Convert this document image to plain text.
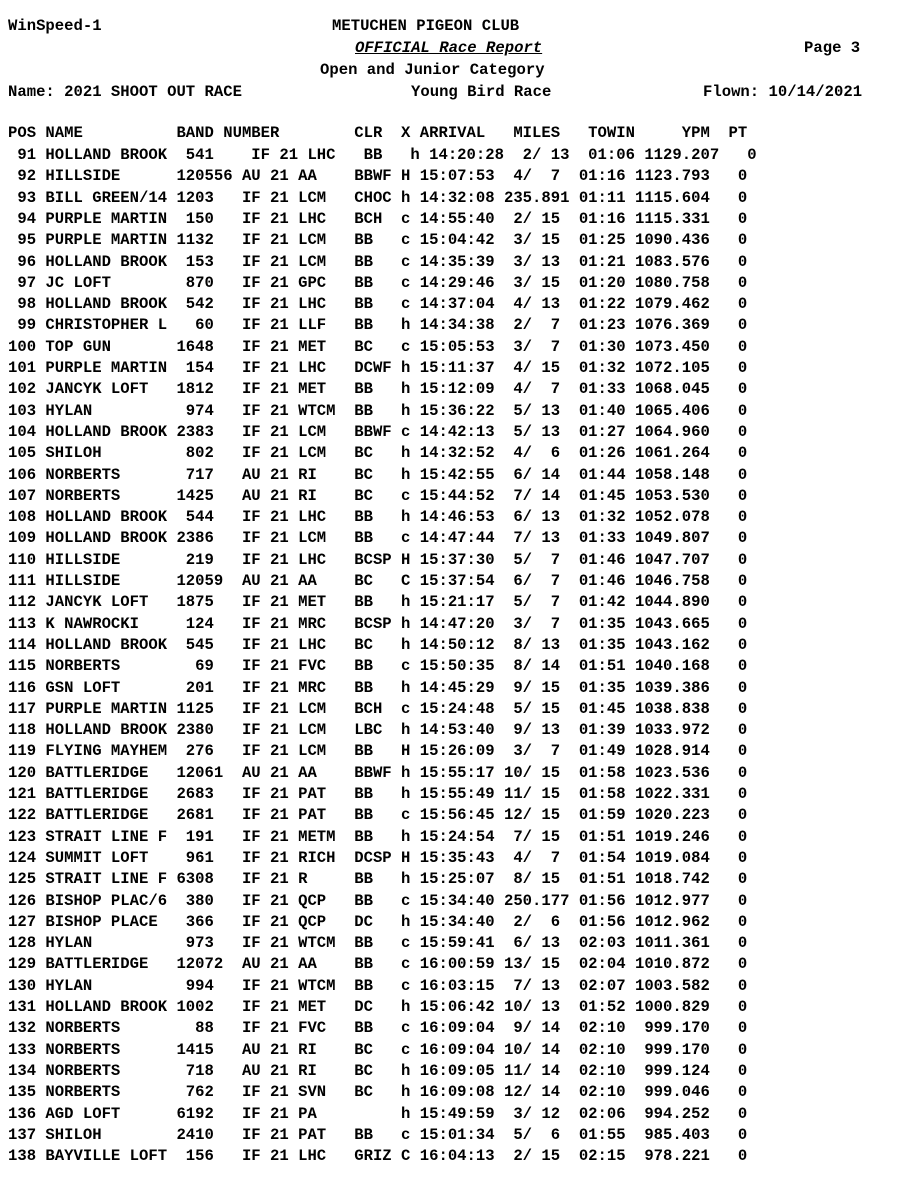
WinSpeed-1	METUCHEN PIGEON CLUB
OFFICIAL Race Report	Page 3
Open and Junior Category
Name: 2021 SHOOT OUT RACE	Young Bird Race	Flown: 10/14/2021
POS NAME          BAND NUMBER        CLR  X ARRIVAL   MILES   TOWIN     YPM  PT
91 HOLLAND BROOK  541    IF 21 LHC   BB   h 14:20:28  2/ 13  01:06 1129.207   0
92 HILLSIDE      120556 AU 21 AA    BBWF H 15:07:53  4/  7  01:16 1123.793   0
93 BILL GREEN/14 1203   IF 21 LCM   CHOC h 14:32:08 235.891 01:11 1115.604   0
94 PURPLE MARTIN  150   IF 21 LHC   BCH  c 14:55:40  2/ 15  01:16 1115.331   0
95 PURPLE MARTIN 1132   IF 21 LCM   BB   c 15:04:42  3/ 15  01:25 1090.436   0
96 HOLLAND BROOK  153   IF 21 LCM   BB   c 14:35:39  3/ 13  01:21 1083.576   0
97 JC LOFT        870   IF 21 GPC   BB   c 14:29:46  3/ 15  01:20 1080.758   0
98 HOLLAND BROOK  542   IF 21 LHC   BB   c 14:37:04  4/ 13  01:22 1079.462   0
99 CHRISTOPHER L   60   IF 21 LLF   BB   h 14:34:38  2/  7  01:23 1076.369   0
100 TOP GUN       1648   IF 21 MET   BC   c 15:05:53  3/  7  01:30 1073.450   0
101 PURPLE MARTIN  154   IF 21 LHC   DCWF h 15:11:37  4/ 15  01:32 1072.105   0
102 JANCYK LOFT   1812   IF 21 MET   BB   h 15:12:09  4/  7  01:33 1068.045   0
103 HYLAN          974   IF 21 WTCM  BB   h 15:36:22  5/ 13  01:40 1065.406   0
104 HOLLAND BROOK 2383   IF 21 LCM   BBWF c 14:42:13  5/ 13  01:27 1064.960   0
105 SHILOH         802   IF 21 LCM   BC   h 14:32:52  4/  6  01:26 1061.264   0
106 NORBERTS       717   AU 21 RI    BC   h 15:42:55  6/ 14  01:44 1058.148   0
107 NORBERTS      1425   AU 21 RI    BC   c 15:44:52  7/ 14  01:45 1053.530   0
108 HOLLAND BROOK  544   IF 21 LHC   BB   h 14:46:53  6/ 13  01:32 1052.078   0
109 HOLLAND BROOK 2386   IF 21 LCM   BB   c 14:47:44  7/ 13  01:33 1049.807   0
110 HILLSIDE       219   IF 21 LHC   BCSP H 15:37:30  5/  7  01:46 1047.707   0
111 HILLSIDE      12059  AU 21 AA    BC   C 15:37:54  6/  7  01:46 1046.758   0
112 JANCYK LOFT   1875   IF 21 MET   BB   h 15:21:17  5/  7  01:42 1044.890   0
113 K NAWROCKI     124   IF 21 MRC   BCSP h 14:47:20  3/  7  01:35 1043.665   0
114 HOLLAND BROOK  545   IF 21 LHC   BC   h 14:50:12  8/ 13  01:35 1043.162   0
115 NORBERTS        69   IF 21 FVC   BB   c 15:50:35  8/ 14  01:51 1040.168   0
116 GSN LOFT       201   IF 21 MRC   BB   h 14:45:29  9/ 15  01:35 1039.386   0
117 PURPLE MARTIN 1125   IF 21 LCM   BCH  c 15:24:48  5/ 15  01:45 1038.838   0
118 HOLLAND BROOK 2380   IF 21 LCM   LBC  h 14:53:40  9/ 13  01:39 1033.972   0
119 FLYING MAYHEM  276   IF 21 LCM   BB   H 15:26:09  3/  7  01:49 1028.914   0
120 BATTLERIDGE   12061  AU 21 AA    BBWF h 15:55:17 10/ 15  01:58 1023.536   0
121 BATTLERIDGE   2683   IF 21 PAT   BB   h 15:55:49 11/ 15  01:58 1022.331   0
122 BATTLERIDGE   2681   IF 21 PAT   BB   c 15:56:45 12/ 15  01:59 1020.223   0
123 STRAIT LINE F  191   IF 21 METM  BB   h 15:24:54  7/ 15  01:51 1019.246   0
124 SUMMIT LOFT    961   IF 21 RICH  DCSP H 15:35:43  4/  7  01:54 1019.084   0
125 STRAIT LINE F 6308   IF 21 R     BB   h 15:25:07  8/ 15  01:51 1018.742   0
126 BISHOP PLAC/6  380   IF 21 QCP   BB   c 15:34:40 250.177 01:56 1012.977   0
127 BISHOP PLACE   366   IF 21 QCP   DC   h 15:34:40  2/  6  01:56 1012.962   0
128 HYLAN          973   IF 21 WTCM  BB   c 15:59:41  6/ 13  02:03 1011.361   0
129 BATTLERIDGE   12072  AU 21 AA    BB   c 16:00:59 13/ 15  02:04 1010.872   0
130 HYLAN          994   IF 21 WTCM  BB   c 16:03:15  7/ 13  02:07 1003.582   0
131 HOLLAND BROOK 1002   IF 21 MET   DC   h 15:06:42 10/ 13  01:52 1000.829   0
132 NORBERTS        88   IF 21 FVC   BB   c 16:09:04  9/ 14  02:10  999.170   0
133 NORBERTS      1415   AU 21 RI    BC   c 16:09:04 10/ 14  02:10  999.170   0
134 NORBERTS       718   AU 21 RI    BC   h 16:09:05 11/ 14  02:10  999.124   0
135 NORBERTS       762   IF 21 SVN   BC   h 16:09:08 12/ 14  02:10  999.046   0
136 AGD LOFT      6192   IF 21 PA         h 15:49:59  3/ 12  02:06  994.252   0
137 SHILOH        2410   IF 21 PAT   BB   c 15:01:34  5/  6  01:55  985.403   0
138 BAYVILLE LOFT  156   IF 21 LHC   GRIZ C 16:04:13  2/ 15  02:15  978.221   0
